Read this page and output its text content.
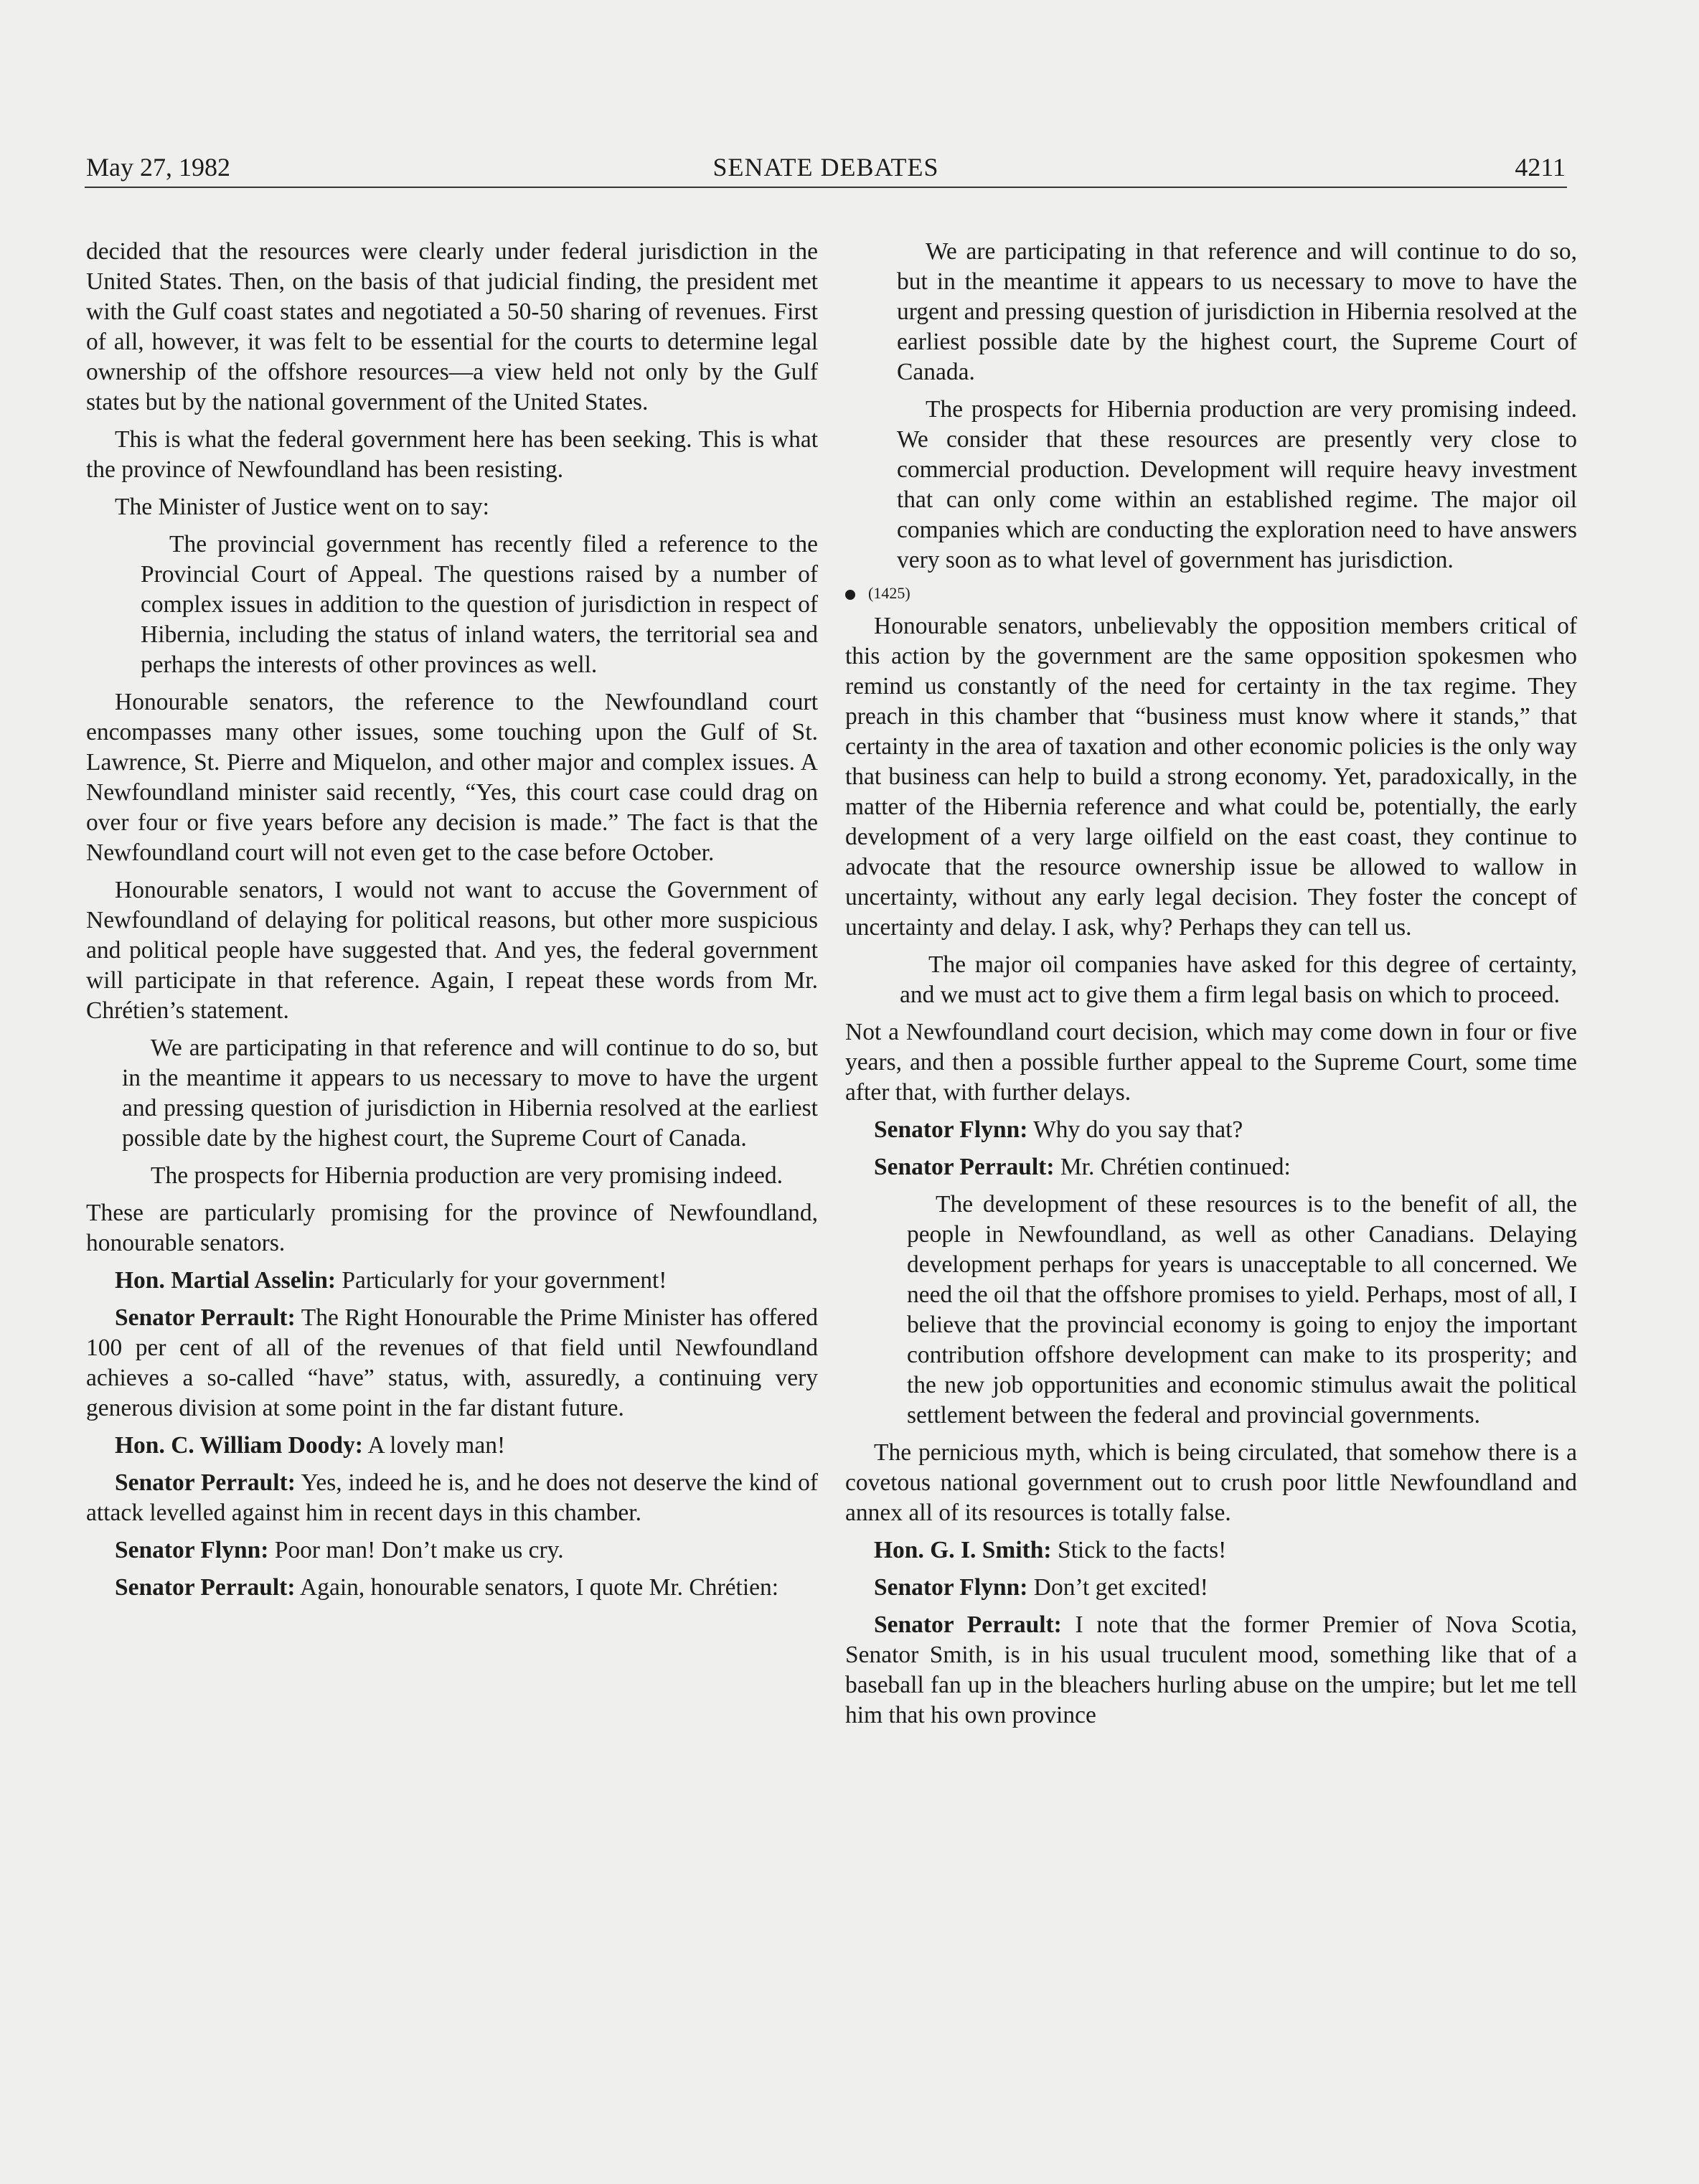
May 27, 1982	SENATE DEBATES	4211

decided that the resources were clearly under federal jurisdiction in the United States. Then, on the basis of that judicial finding, the president met with the Gulf coast states and negotiated a 50-50 sharing of revenues. First of all, however, it was felt to be essential for the courts to determine legal ownership of the offshore resources—a view held not only by the Gulf states but by the national government of the United States.

This is what the federal government here has been seeking. This is what the province of Newfoundland has been resisting.

The Minister of Justice went on to say:

The provincial government has recently filed a reference to the Provincial Court of Appeal. The questions raised by a number of complex issues in addition to the question of jurisdiction in respect of Hibernia, including the status of inland waters, the territorial sea and perhaps the interests of other provinces as well.

Honourable senators, the reference to the Newfoundland court encompasses many other issues, some touching upon the Gulf of St. Lawrence, St. Pierre and Miquelon, and other major and complex issues. A Newfoundland minister said recently, “Yes, this court case could drag on over four or five years before any decision is made.” The fact is that the Newfoundland court will not even get to the case before October.

Honourable senators, I would not want to accuse the Government of Newfoundland of delaying for political reasons, but other more suspicious and political people have suggested that. And yes, the federal government will participate in that reference. Again, I repeat these words from Mr. Chrétien’s statement.

We are participating in that reference and will continue to do so, but in the meantime it appears to us necessary to move to have the urgent and pressing question of jurisdiction in Hibernia resolved at the earliest possible date by the highest court, the Supreme Court of Canada.

The prospects for Hibernia production are very promising indeed.

These are particularly promising for the province of Newfoundland, honourable senators.

Hon. Martial Asselin: Particularly for your government!

Senator Perrault: The Right Honourable the Prime Minister has offered 100 per cent of all of the revenues of that field until Newfoundland achieves a so-called “have” status, with, assuredly, a continuing very generous division at some point in the far distant future.

Hon. C. William Doody: A lovely man!

Senator Perrault: Yes, indeed he is, and he does not deserve the kind of attack levelled against him in recent days in this chamber.

Senator Flynn: Poor man! Don’t make us cry.

Senator Perrault: Again, honourable senators, I quote Mr. Chrétien:

We are participating in that reference and will continue to do so, but in the meantime it appears to us necessary to move to have the urgent and pressing question of jurisdiction in Hibernia resolved at the earliest possible date by the highest court, the Supreme Court of Canada.

The prospects for Hibernia production are very promising indeed. We consider that these resources are presently very close to commercial production. Development will require heavy investment that can only come within an established regime. The major oil companies which are conducting the exploration need to have answers very soon as to what level of government has jurisdiction.

(1425)

Honourable senators, unbelievably the opposition members critical of this action by the government are the same opposition spokesmen who remind us constantly of the need for certainty in the tax regime. They preach in this chamber that “business must know where it stands,” that certainty in the area of taxation and other economic policies is the only way that business can help to build a strong economy. Yet, paradoxically, in the matter of the Hibernia reference and what could be, potentially, the early development of a very large oilfield on the east coast, they continue to advocate that the resource ownership issue be allowed to wallow in uncertainty, without any early legal decision. They foster the concept of uncertainty and delay. I ask, why? Perhaps they can tell us.

The major oil companies have asked for this degree of certainty, and we must act to give them a firm legal basis on which to proceed.

Not a Newfoundland court decision, which may come down in four or five years, and then a possible further appeal to the Supreme Court, some time after that, with further delays.

Senator Flynn: Why do you say that?

Senator Perrault: Mr. Chrétien continued:

The development of these resources is to the benefit of all, the people in Newfoundland, as well as other Canadians. Delaying development perhaps for years is unacceptable to all concerned. We need the oil that the offshore promises to yield. Perhaps, most of all, I believe that the provincial economy is going to enjoy the important contribution offshore development can make to its prosperity; and the new job opportunities and economic stimulus await the political settlement between the federal and provincial governments.

The pernicious myth, which is being circulated, that somehow there is a covetous national government out to crush poor little Newfoundland and annex all of its resources is totally false.

Hon. G. I. Smith: Stick to the facts!

Senator Flynn: Don’t get excited!

Senator Perrault: I note that the former Premier of Nova Scotia, Senator Smith, is in his usual truculent mood, something like that of a baseball fan up in the bleachers hurling abuse on the umpire; but let me tell him that his own province
